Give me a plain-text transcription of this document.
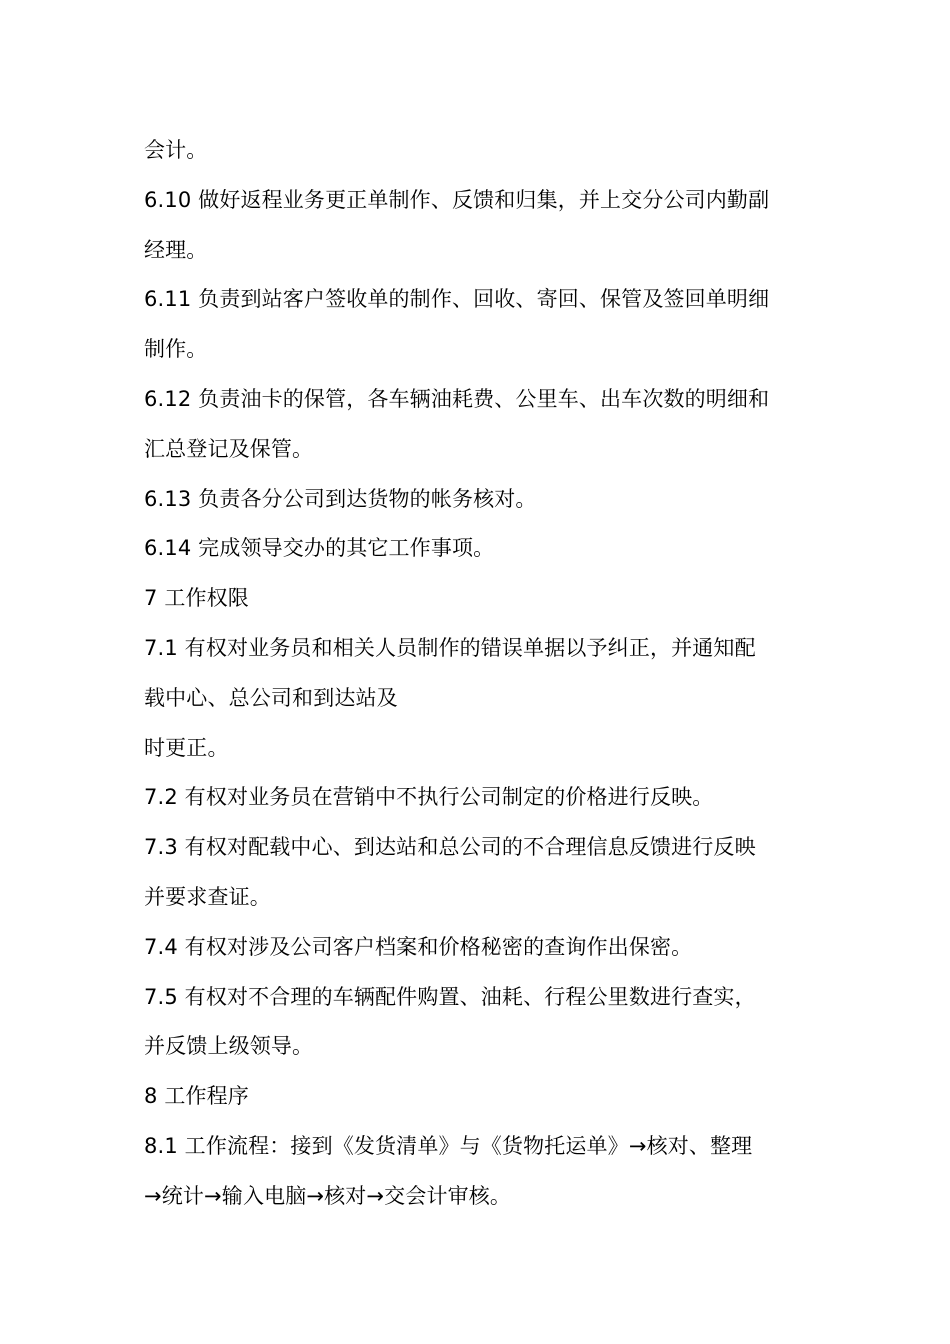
会计。
6.10 做好返程业务更正单制作、反馈和归集，并上交分公司内勤副
经理。
6.11 负责到站客户签收单的制作、回收、寄回、保管及签回单明细
制作。
6.12 负责油卡的保管，各车辆油耗费、公里车、出车次数的明细和
汇总登记及保管。
6.13 负责各分公司到达货物的帐务核对。
6.14 完成领导交办的其它工作事项。
7 工作权限
7.1 有权对业务员和相关人员制作的错误单据以予纠正，并通知配
载中心、总公司和到达站及
时更正。
7.2 有权对业务员在营销中不执行公司制定的价格进行反映。
7.3 有权对配载中心、到达站和总公司的不合理信息反馈进行反映
并要求查证。
7.4 有权对涉及公司客户档案和价格秘密的查询作出保密。
7.5 有权对不合理的车辆配件购置、油耗、行程公里数进行查实，
并反馈上级领导。
8 工作程序
8.1 工作流程：接到《发货清单》与《货物托运单》→核对、整理
→统计→输入电脑→核对→交会计审核。
